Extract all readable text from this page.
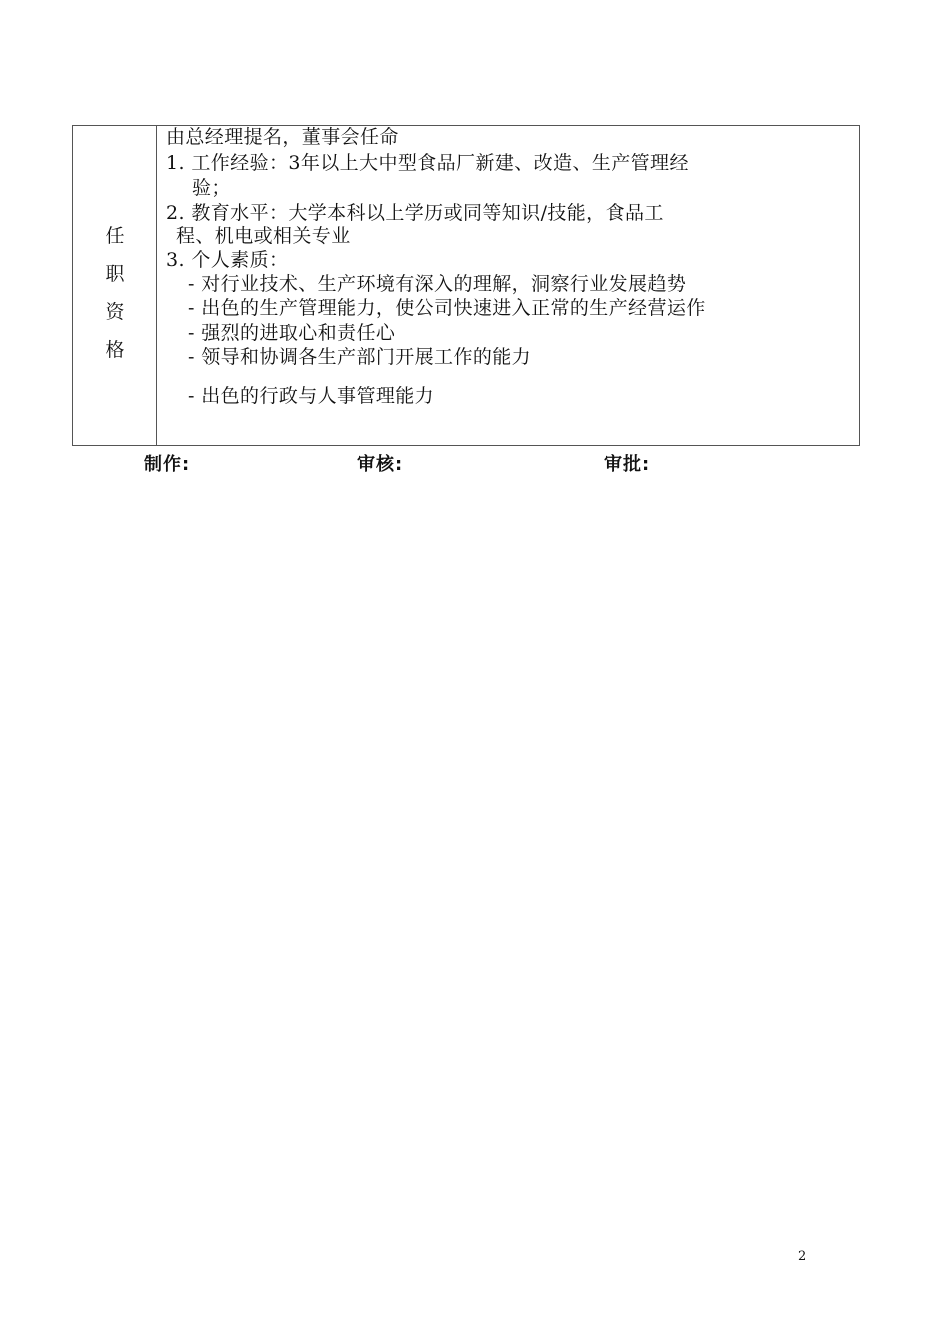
任
职
资
格
由总经理提名，董事会任命
1. 工作经验：3年以上大中型食品厂新建、改造、生产管理经
验；
2. 教育水平：大学本科以上学历或同等知识/技能，食品工
程、机电或相关专业
3. 个人素质：
- 对行业技术、生产环境有深入的理解，洞察行业发展趋势
- 出色的生产管理能力，使公司快速进入正常的生产经营运作
- 强烈的进取心和责任心
- 领导和协调各生产部门开展工作的能力
- 出色的行政与人事管理能力
制作:	审核:	审批:
2
